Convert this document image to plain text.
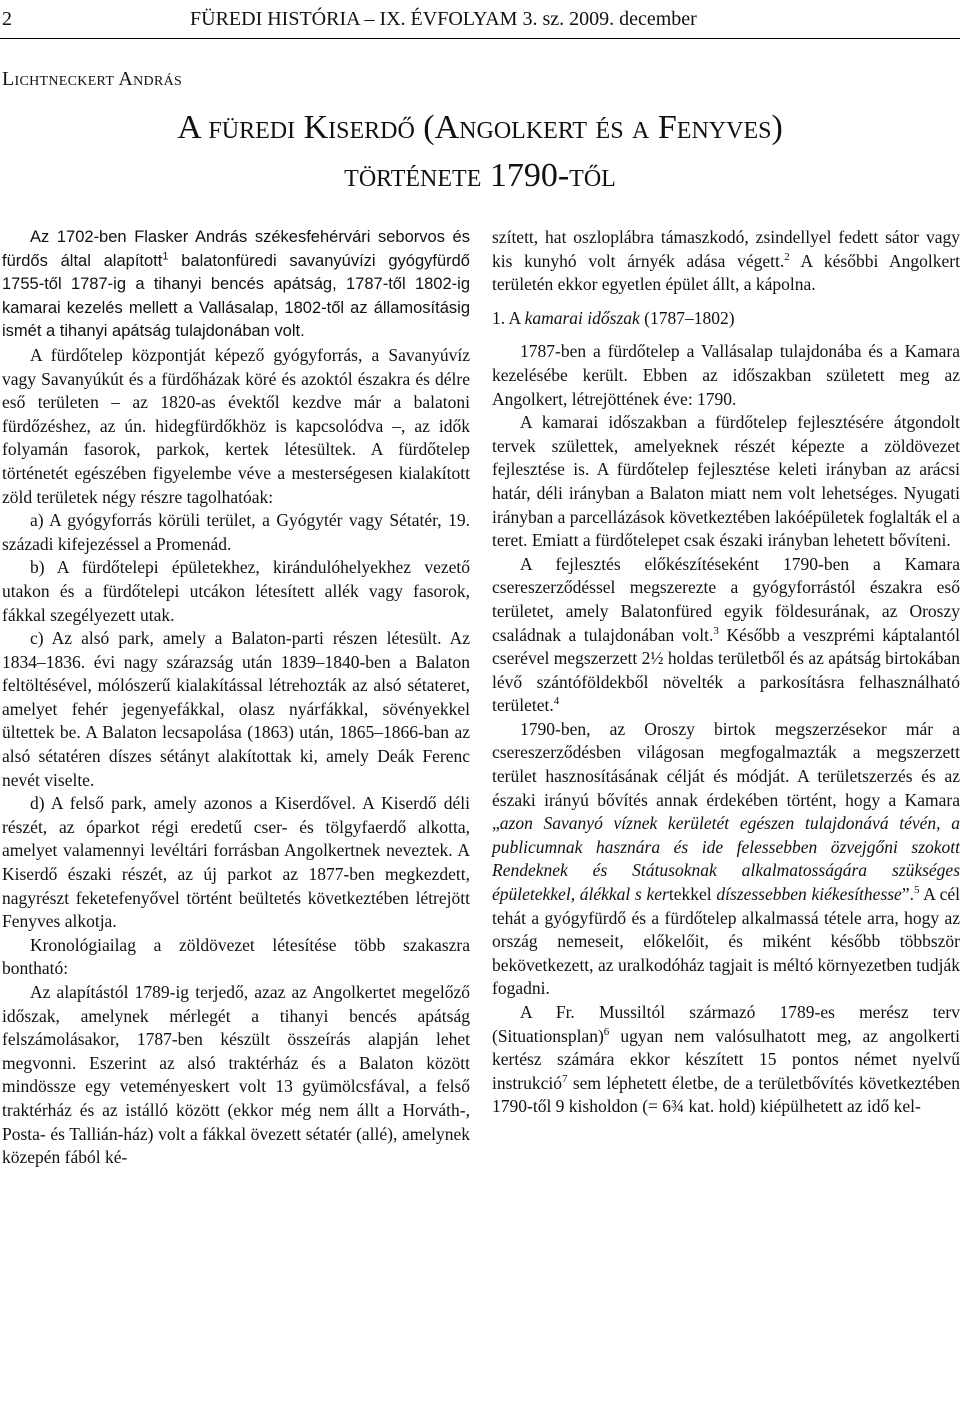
2	FÜREDI HISTÓRIA – IX. ÉVFOLYAM 3. sz. 2009. december
Lichtneckert András
A füredi Kiserdő (Angolkert és a Fenyves)
története 1790-től

Az 1702-ben Flasker András székesfehérvári seborvos és fürdős által alapított$^1$ balatonfüredi savanyúvízi gyógyfürdő 1755-től 1787-ig a tihanyi bencés apátság, 1787-től 1802-ig kamarai kezelés mellett a Vallásalap, 1802-től az államosításig ismét a tihanyi apátság tulajdonában volt.

A fürdőtelep központját képező gyógyforrás, a Savanyúvíz vagy Savanyúkút és a fürdőházak köré és azoktól északra és délre eső területen – az 1820-as évektől kezdve már a balatoni fürdőzéshez, az ún. hidegfürdőkhöz is kapcsolódva –, az idők folyamán fasorok, parkok, kertek létesültek. A fürdőtelep történetét egészében figyelembe véve a mesterségesen kialakított zöld területek négy részre tagolhatóak:

a) A gyógyforrás körüli terület, a Gyógytér vagy Sétatér, 19. századi kifejezéssel a Promenád.

b) A fürdőtelepi épületekhez, kirándulóhelyekhez vezető utakon és a fürdőtelepi utcákon létesített allék vagy fasorok, fákkal szegélyezett utak.

c) Az alsó park, amely a Balaton-parti részen létesült. Az 1834–1836. évi nagy szárazság után 1839–1840-ben a Balaton feltöltésével, mólószerű kialakítással létrehozták az alsó sétateret, amelyet fehér jegenyefákkal, olasz nyárfákkal, sövényekkel ültettek be. A Balaton lecsapolása (1863) után, 1865–1866-ban az alsó sétatéren díszes sétányt alakítottak ki, amely Deák Ferenc nevét viselte.

d) A felső park, amely azonos a Kiserdővel. A Kiserdő déli részét, az óparkot régi eredetű cser- és tölgyfaerdő alkotta, amelyet valamennyi levéltári forrásban Angolkertnek neveztek. A Kiserdő északi részét, az új parkot az 1877-ben megkezdett, nagyrészt feketefenyővel történt beültetés következtében létrejött Fenyves alkotja.

Kronológiailag a zöldövezet létesítése több szakaszra bontható:

Az alapítástól 1789-ig terjedő, azaz az Angolkertet megelőző időszak, amelynek mérlegét a tihanyi bencés apátság felszámolásakor, 1787-ben készült összeírás alapján lehet megvonni. Eszerint az alsó traktérház és a Balaton között mindössze egy veteményeskert volt 13 gyümölcsfával, a felső traktérház és az istálló között (ekkor még nem állt a Horváth-, Posta- és Tallián-ház) volt a fákkal övezett sétatér (allé), amelynek közepén fából ké-

szített, hat oszloplábra támaszkodó, zsindellyel fedett sátor vagy kis kunyhó volt árnyék adása végett.$^2$ A későbbi Angolkert területén ekkor egyetlen épület állt, a kápolna.

1. A kamarai időszak (1787–1802)

1787-ben a fürdőtelep a Vallásalap tulajdonába és a Kamara kezelésébe került. Ebben az időszakban született meg az Angolkert, létrejöttének éve: 1790.

A kamarai időszakban a fürdőtelep fejlesztésére átgondolt tervek születtek, amelyeknek részét képezte a zöldövezet fejlesztése is. A fürdőtelep fejlesztése keleti irányban az arácsi határ, déli irányban a Balaton miatt nem volt lehetséges. Nyugati irányban a parcellázások következtében lakóépületek foglalták el a teret. Emiatt a fürdőtelepet csak északi irányban lehetett bővíteni.

A fejlesztés előkészítéseként 1790-ben a Kamara csereszerződéssel megszerezte a gyógyforrástól északra eső területet, amely Balatonfüred egyik földesurának, az Oroszy családnak a tulajdonában volt.$^3$ Később a veszprémi káptalantól cserével megszerzett 2½ holdas területből és az apátság birtokában lévő szántóföldekből növelték a parkosításra felhasználható területet.$^4$

1790-ben, az Oroszy birtok megszerzésekor már a csereszerződésben világosan megfogalmazták a megszerzett terület hasznosításának célját és módját. A területszerzés és az északi irányú bővítés annak érdekében történt, hogy a Kamara „azon Savanyó víznek kerületét egészen tulajdonává tévén, a publicumnak hasznára és ide felessebben özvejgőni szokott Rendeknek és Státusoknak alkalmatosságára szükséges épületekkel, álékkal s kertekkel díszessebben kiékesíthesse”.$^5$ A cél tehát a gyógyfürdő és a fürdőtelep alkalmassá tétele arra, hogy az ország nemeseit, előkelőit, és miként később többször bekövetkezett, az uralkodóház tagjait is méltó környezetben tudják fogadni.

A Fr. Mussiltól származó 1789-es merész terv (Situationsplan)$^6$ ugyan nem valósulhatott meg, az angolkerti kertész számára ekkor készített 15 pontos német nyelvű instrukció$^7$ sem léphetett életbe, de a területbővítés következtében 1790-től 9 kisholdon (= 6¾ kat. hold) kiépülhetett az idő kel-
